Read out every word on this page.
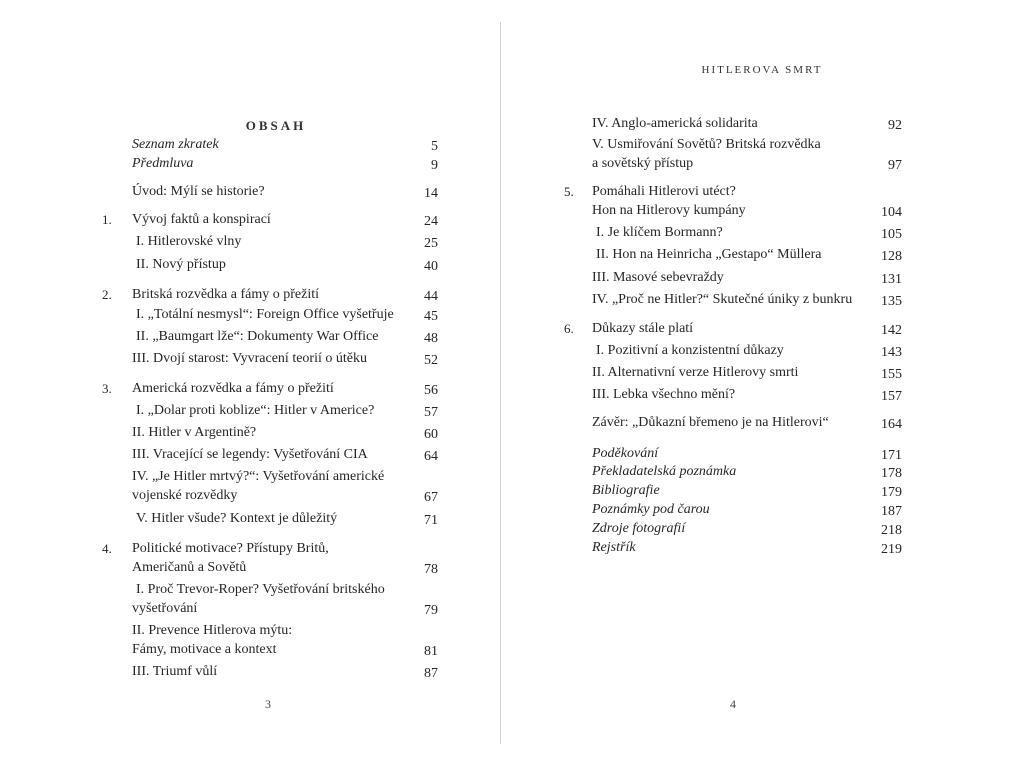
OBSAH
Seznam zkratek	5
Předmluva	9
Úvod: Mýlí se historie?	14
1. Vývoj faktů a konspirací	24
I. Hitlerovské vlny	25
II. Nový přístup	40
2. Britská rozvědka a fámy o přežití	44
I. „Totální nesmysl“: Foreign Office vyšetřuje 45
II. „Baumgart lže“: Dokumenty War Office	48
III. Dvojí starost: Vyvracení teorií o útěku	52
3. Americká rozvědka a fámy o přežití	56
I. „Dolar proti koblize“: Hitler v Americe?	57
II. Hitler v Argentině?	60
III. Vracející se legendy: Vyšetřování CIA	64
IV. „Je Hitler mrtvý?“: Vyšetřování americké
vojenské rozvědky	67
V. Hitler všude? Kontext je důležitý	71
4. Politické motivace? Přístupy Britů,
Američanů a Sovětů	78
I. Proč Trevor-Roper? Vyšetřování britského
vyšetřování	79
II. Prevence Hitlerova mýtu:
Fámy, motivace a kontext	81
III. Triumf vůlí	87
3
HITLEROVA SMRT
IV. Anglo-americká solidarita	92
V. Usmiřování Sovětů? Britská rozvědka
a sovětský přístup	97
5. Pomáhali Hitlerovi utéct?
Hon na Hitlerovy kumpány	104
I. Je klíčem Bormann?	105
II. Hon na Heinricha „Gestapo“ Müllera	128
III. Masové sebevraždy	131
IV. „Proč ne Hitler?“ Skutečné úniky z bunkru 135
6. Důkazy stále platí	142
I. Pozitivní a konzistentní důkazy	143
II. Alternativní verze Hitlerovy smrti	155
III. Lebka všechno mění?	157
Závěr: „Důkazní břemeno je na Hitlerovi“	164
Poděkování	171
Překladatelská poznámka	178
Bibliografie	179
Poznámky pod čarou	187
Zdroje fotografií	218
Rejstřík	219
4
